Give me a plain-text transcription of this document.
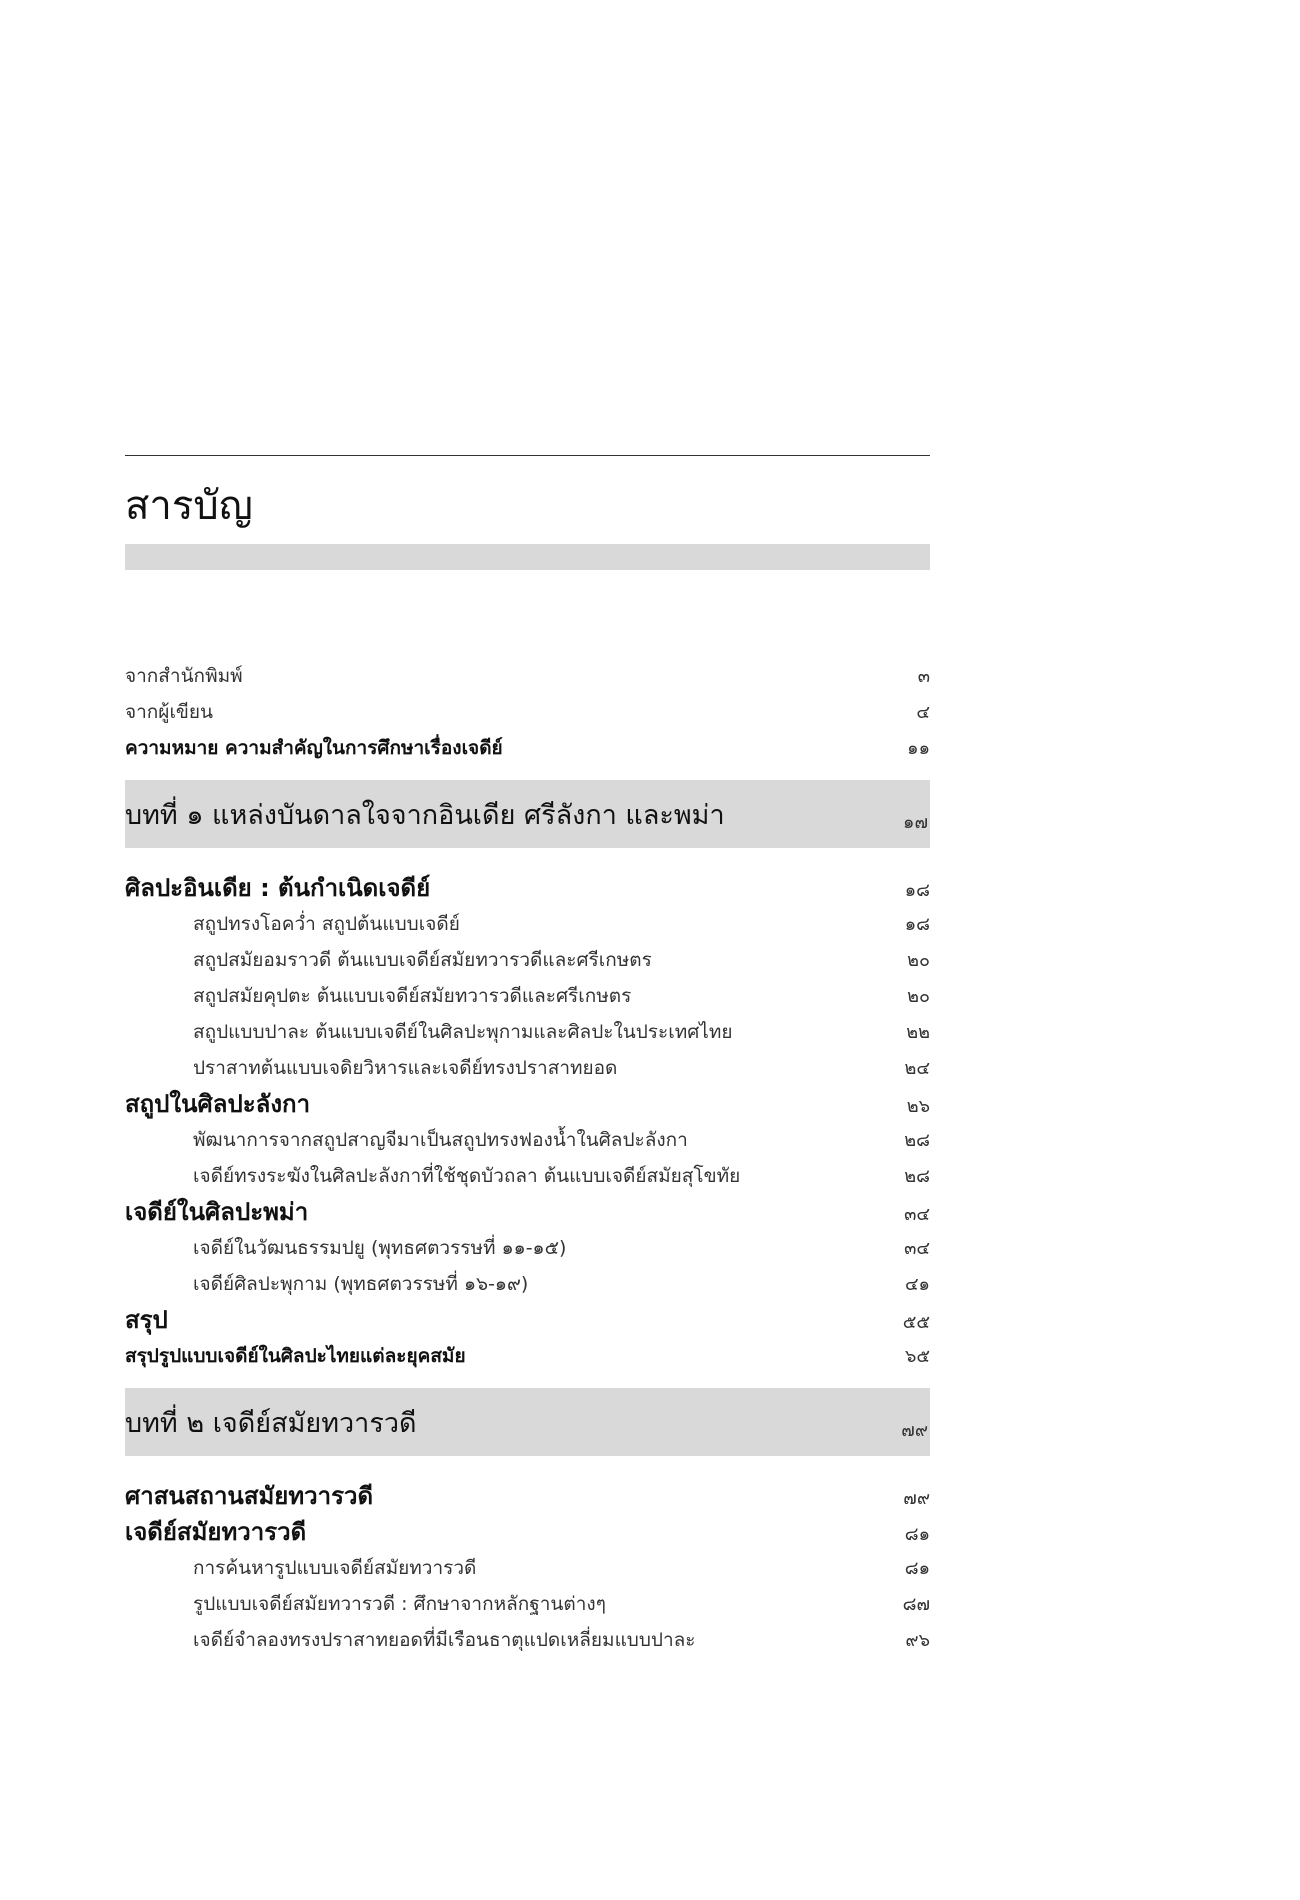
สารบัญ
จากสำนักพิมพ์	๓
จากผู้เขียน	๔
ความหมาย ความสำคัญในการศึกษาเรื่องเจดีย์	๑๑
บทที่ ๑ แหล่งบันดาลใจจากอินเดีย ศรีลังกา และพม่า	๑๗
ศิลปะอินเดีย : ต้นกำเนิดเจดีย์	๑๘
สถูปทรงโอคว่ำ สถูปต้นแบบเจดีย์	๑๘
สถูปสมัยอมราวดี ต้นแบบเจดีย์สมัยทวารวดีและศรีเกษตร	๒๐
สถูปสมัยคุปตะ ต้นแบบเจดีย์สมัยทวารวดีและศรีเกษตร	๒๐
สถูปแบบปาละ ต้นแบบเจดีย์ในศิลปะพุกามและศิลปะในประเทศไทย	๒๒
ปราสาทต้นแบบเจดิยวิหารและเจดีย์ทรงปราสาทยอด	๒๔
สถูปในศิลปะลังกา	๒๖
พัฒนาการจากสถูปสาญจีมาเป็นสถูปทรงฟองน้ำในศิลปะลังกา	๒๘
เจดีย์ทรงระฆังในศิลปะลังกาที่ใช้ชุดบัวถลา ต้นแบบเจดีย์สมัยสุโขทัย	๒๘
เจดีย์ในศิลปะพม่า	๓๔
เจดีย์ในวัฒนธรรมปยู (พุทธศตวรรษที่ ๑๑-๑๕)	๓๔
เจดีย์ศิลปะพุกาม (พุทธศตวรรษที่ ๑๖-๑๙)	๔๑
สรุป	๕๕
สรุปรูปแบบเจดีย์ในศิลปะไทยแต่ละยุคสมัย	๖๕
บทที่ ๒ เจดีย์สมัยทวารวดี	๗๙
ศาสนสถานสมัยทวารวดี	๗๙
เจดีย์สมัยทวารวดี	๘๑
การค้นหารูปแบบเจดีย์สมัยทวารวดี	๘๑
รูปแบบเจดีย์สมัยทวารวดี : ศึกษาจากหลักฐานต่างๆ	๘๗
เจดีย์จำลองทรงปราสาทยอดที่มีเรือนธาตุแปดเหลี่ยมแบบปาละ	๙๖
